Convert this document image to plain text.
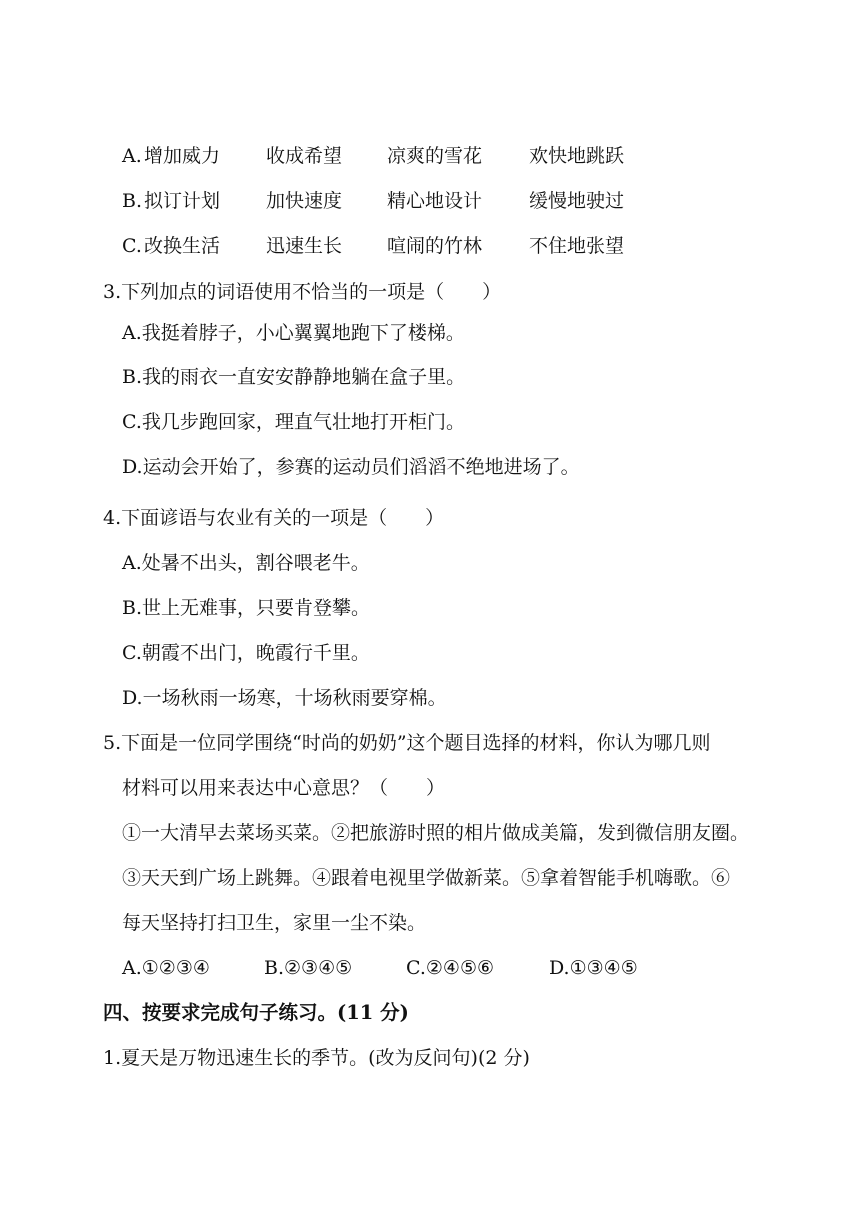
A. 增加威力 收成希望 凉爽的雪花 欢快地跳跃
B. 拟订计划 加快速度 精心地设计 缓慢地驶过
C. 改换生活 迅速生长 喧闹的竹林 不住地张望
3.下列加点的词语使用不恰当的一项是（　　）
A.我挺着脖子，小心翼翼地跑下了楼梯。
B.我的雨衣一直安安静静地躺在盒子里。
C.我几步跑回家，理直气壮地打开柜门。
D.运动会开始了，参赛的运动员们滔滔不绝地进场了。
4.下面谚语与农业有关的一项是（　　）
A.处暑不出头，割谷喂老牛。
B.世上无难事，只要肯登攀。
C.朝霞不出门，晚霞行千里。
D.一场秋雨一场寒，十场秋雨要穿棉。
5.下面是一位同学围绕“时尚的奶奶”这个题目选择的材料，你认为哪几则
材料可以用来表达中心意思？（　　）
①一大清早去菜场买菜。②把旅游时照的相片做成美篇，发到微信朋友圈。
③天天到广场上跳舞。④跟着电视里学做新菜。⑤拿着智能手机嗨歌。⑥
每天坚持打扫卫生，家里一尘不染。
A.①②③④	B.②③④⑤	C.②④⑤⑥	D.①③④⑤
四、按要求完成句子练习。(11 分)
1.夏天是万物迅速生长的季节。(改为反问句)(2 分)
